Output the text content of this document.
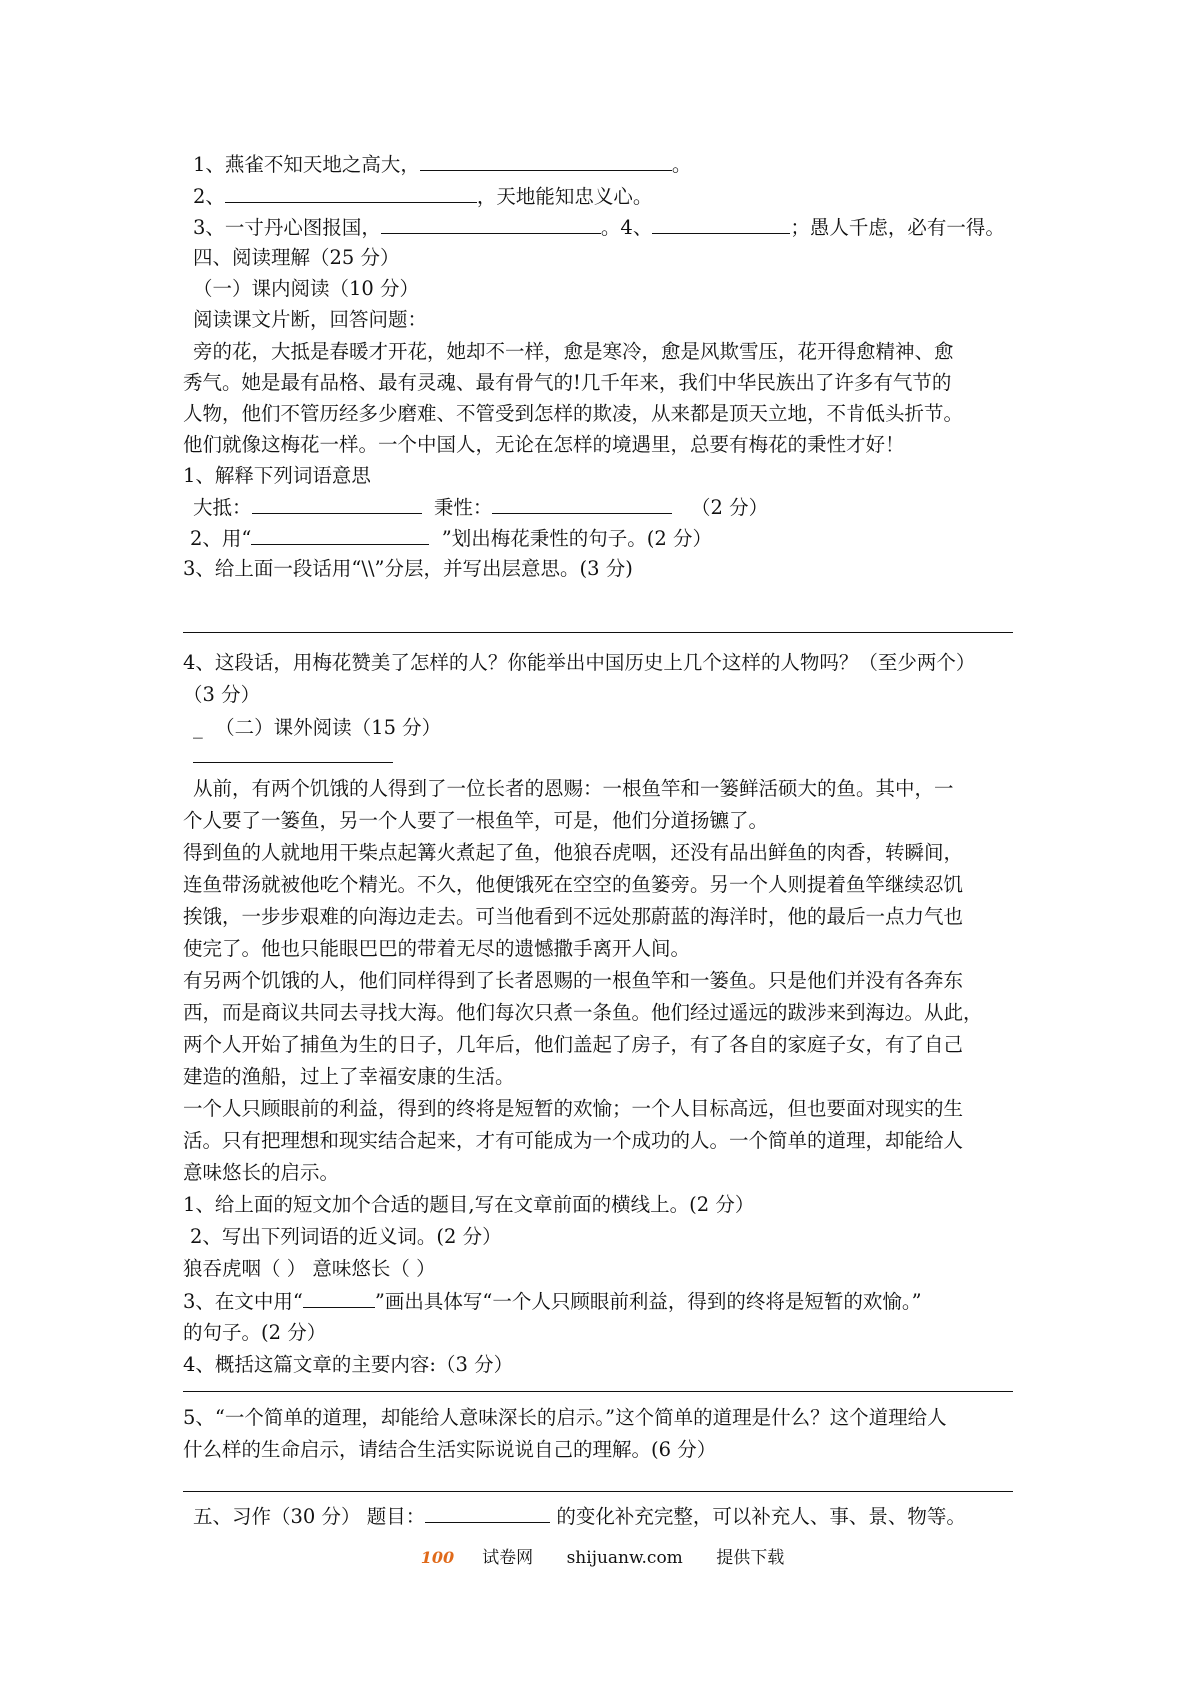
1、燕雀不知天地之高大，	。
2、	，天地能知忠义心。
3、一寸丹心图报国，	。4、	；愚人千虑，必有一得。
四、阅读理解（25 分）
（一）课内阅读（10 分）
阅读课文片断，回答问题：
旁的花，大抵是春暖才开花，她却不一样，愈是寒冷，愈是风欺雪压，花开得愈精神、愈
秀气。她是最有品格、最有灵魂、最有骨气的!几千年来，我们中华民族出了许多有气节的
人物，他们不管历经多少磨难、不管受到怎样的欺凌，从来都是顶天立地，不肯低头折节。
他们就像这梅花一样。一个中国人，无论在怎样的境遇里，总要有梅花的秉性才好！
1、解释下列词语意思
大抵：	秉性：	（2 分）
2、用“	”划出梅花秉性的句子。(2 分）
3、给上面一段话用“\\”分层，并写出层意思。(3 分)
4、这段话，用梅花赞美了怎样的人？你能举出中国历史上几个这样的人物吗？（至少两个）
（3 分）
_ （二）课外阅读（15 分）
从前，有两个饥饿的人得到了一位长者的恩赐：一根鱼竿和一篓鲜活硕大的鱼。其中，一
个人要了一篓鱼，另一个人要了一根鱼竿，可是，他们分道扬镳了。
得到鱼的人就地用干柴点起篝火煮起了鱼，他狼吞虎咽，还没有品出鲜鱼的肉香，转瞬间，
连鱼带汤就被他吃个精光。不久，他便饿死在空空的鱼篓旁。另一个人则提着鱼竿继续忍饥
挨饿，一步步艰难的向海边走去。可当他看到不远处那蔚蓝的海洋时，他的最后一点力气也
使完了。他也只能眼巴巴的带着无尽的遗憾撒手离开人间。
有另两个饥饿的人，他们同样得到了长者恩赐的一根鱼竿和一篓鱼。只是他们并没有各奔东
西，而是商议共同去寻找大海。他们每次只煮一条鱼。他们经过遥远的跋涉来到海边。从此，
两个人开始了捕鱼为生的日子，几年后，他们盖起了房子，有了各自的家庭子女，有了自己
建造的渔船，过上了幸福安康的生活。
一个人只顾眼前的利益，得到的终将是短暂的欢愉；一个人目标高远，但也要面对现实的生
活。只有把理想和现实结合起来，才有可能成为一个成功的人。一个简单的道理，却能给人
意味悠长的启示。
1、给上面的短文加个合适的题目,写在文章前面的横线上。(2 分）
2、写出下列词语的近义词。(2 分）
狼吞虎咽（ ） 意味悠长（ ）
3、在文中用“	”画出具体写“一个人只顾眼前利益，得到的终将是短暂的欢愉。”
的句子。(2 分）
4、概括这篇文章的主要内容:（3 分）
5、“一个简单的道理，却能给人意味深长的启示。”这个简单的道理是什么？这个道理给人
什么样的生命启示，请结合生活实际说说自己的理解。(6 分）
五、习作（30 分） 题目：	的变化补充完整，可以补充人、事、景、物等。
100 试卷网 shijuanw.com 提供下载
